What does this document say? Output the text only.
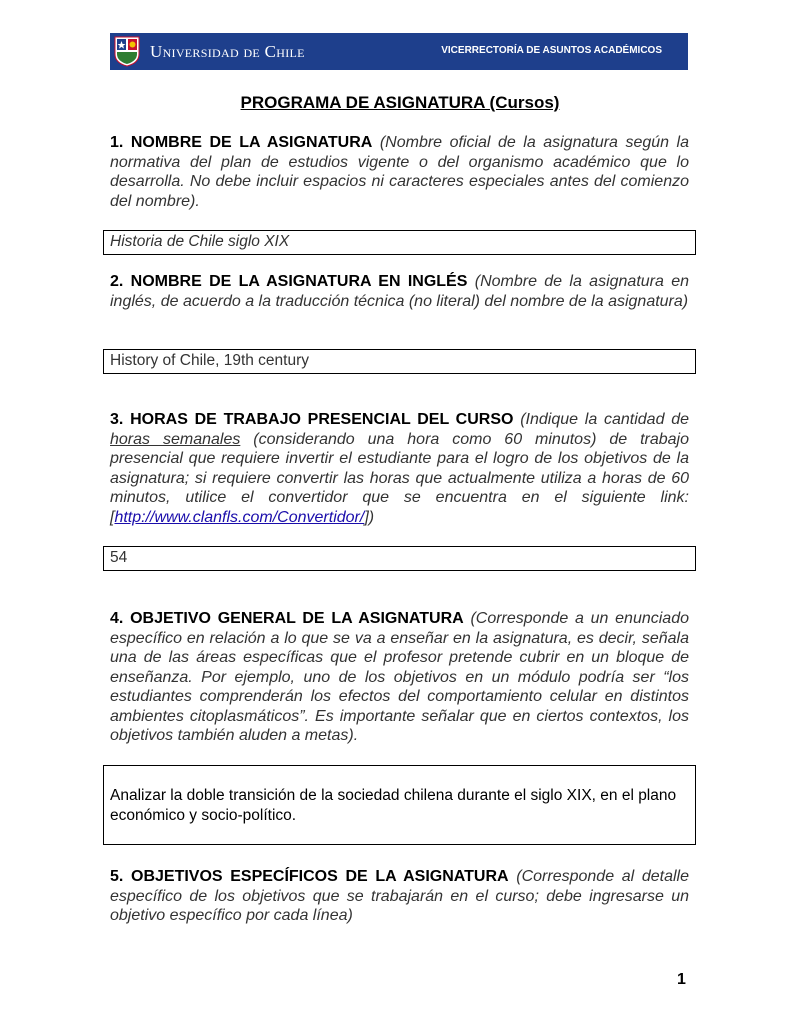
Universidad de Chile	VICERRECTORÍA DE ASUNTOS ACADÉMICOS
PROGRAMA DE ASIGNATURA (Cursos)
1. NOMBRE DE LA ASIGNATURA (Nombre oficial de la asignatura según la normativa del plan de estudios vigente o del organismo académico que lo desarrolla. No debe incluir espacios ni caracteres especiales antes del comienzo del nombre).
Historia de Chile siglo XIX
2. NOMBRE DE LA ASIGNATURA EN INGLÉS (Nombre de la asignatura en inglés, de acuerdo a la traducción técnica (no literal) del nombre de la asignatura)
History of Chile, 19th century
3. HORAS DE TRABAJO PRESENCIAL DEL CURSO (Indique la cantidad de horas semanales (considerando una hora como 60 minutos) de trabajo presencial que requiere invertir el estudiante para el logro de los objetivos de la asignatura; si requiere convertir las horas que actualmente utiliza a horas de 60 minutos, utilice el convertidor que se encuentra en el siguiente link: [http://www.clanfls.com/Convertidor/])
54
4. OBJETIVO GENERAL DE LA ASIGNATURA (Corresponde a un enunciado específico en relación a lo que se va a enseñar en la asignatura, es decir, señala una de las áreas específicas que el profesor pretende cubrir en un bloque de enseñanza. Por ejemplo, uno de los objetivos en un módulo podría ser “los estudiantes comprenderán los efectos del comportamiento celular en distintos ambientes citoplasmáticos”. Es importante señalar que en ciertos contextos, los objetivos también aluden a metas).
Analizar la doble transición de la sociedad chilena durante el siglo XIX, en el plano económico y socio-político.
5. OBJETIVOS ESPECÍFICOS DE LA ASIGNATURA (Corresponde al detalle específico de los objetivos que se trabajarán en el curso; debe ingresarse un objetivo específico por cada línea)
1
